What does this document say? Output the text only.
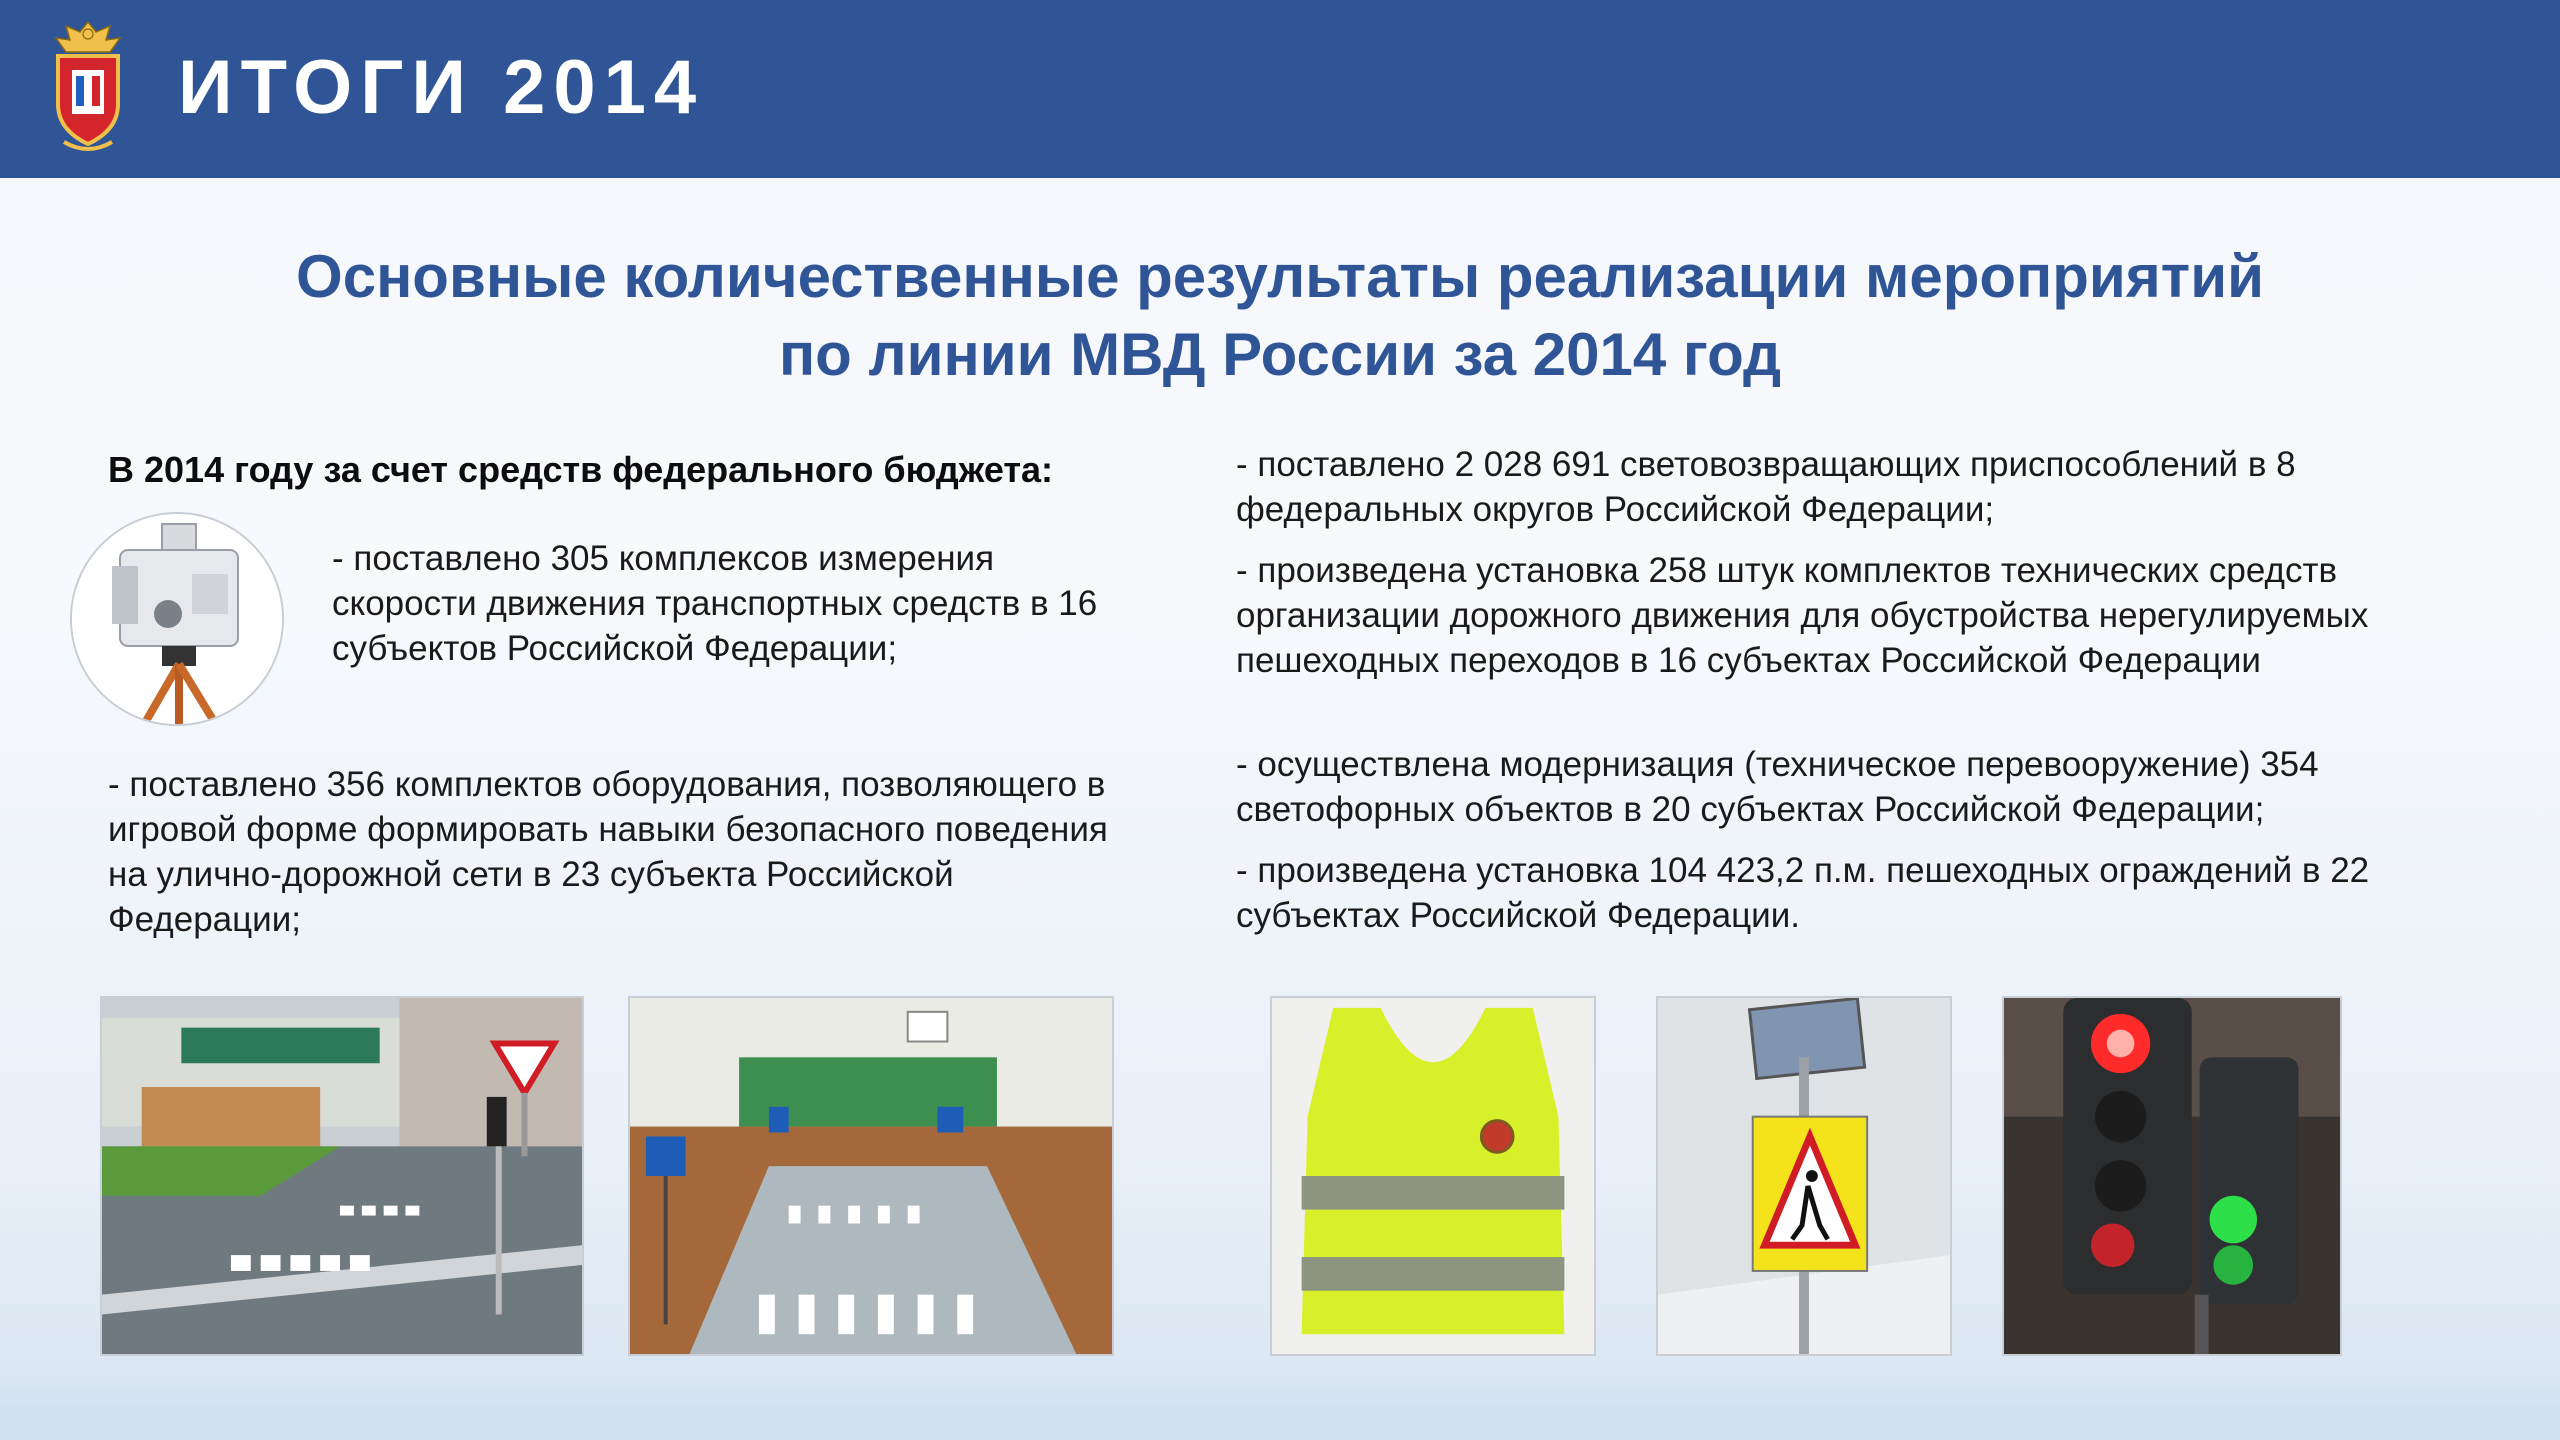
ИТОГИ 2014
Основные количественные результаты реализации мероприятий
по линии МВД России за 2014 год
В 2014 году за счет средств федерального бюджета:
- поставлено 305 комплексов измерения скорости движения транспортных средств в 16 субъектов Российской Федерации;
- поставлено 356 комплектов оборудования, позволяющего в игровой форме формировать навыки безопасного поведения на улично-дорожной сети в 23 субъекта Российской Федерации;
- поставлено 2 028 691 световозвращающих приспособлений в 8 федеральных округов Российской Федерации;
- произведена установка 258 штук комплектов технических средств организации дорожного движения для обустройства нерегулируемых пешеходных переходов в 16 субъектах Российской Федерации
- осуществлена модернизация (техническое перевооружение) 354 светофорных объектов в 20 субъектах Российской Федерации;
- произведена установка 104 423,2 п.м. пешеходных ограждений в 22 субъектах Российской Федерации.
